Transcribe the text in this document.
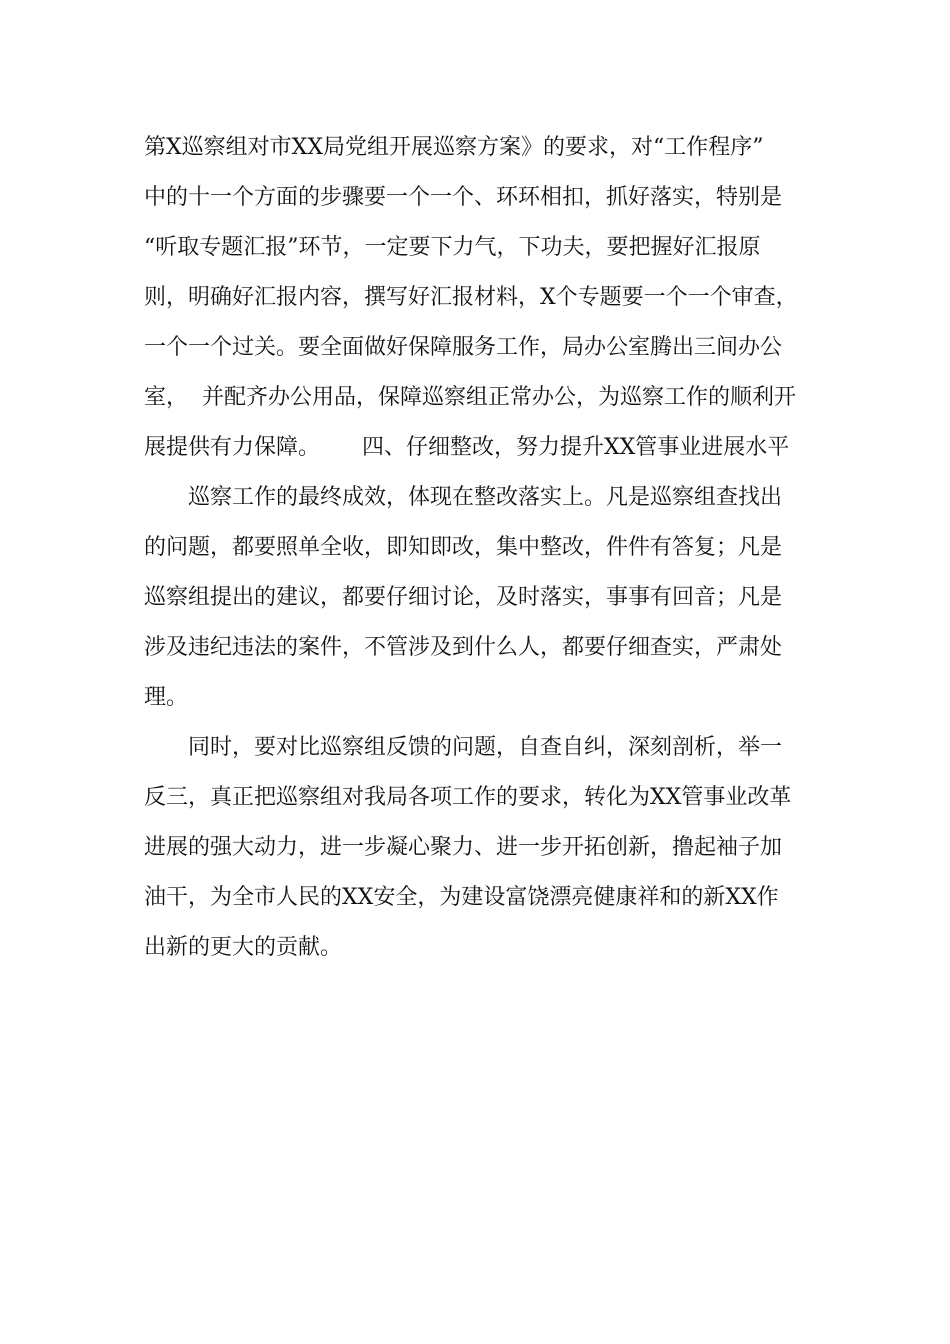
第X巡察组对市XX局党组开展巡察方案》的要求，对“工作程序”
中的十一个方面的步骤要一个一个、环环相扣，抓好落实，特别是
“听取专题汇报”环节，一定要下力气，下功夫，要把握好汇报原
则，明确好汇报内容，撰写好汇报材料，X个专题要一个一个审查，
一个一个过关。要全面做好保障服务工作，局办公室腾出三间办公
室，  并配齐办公用品，保障巡察组正常办公，为巡察工作的顺利开
展提供有力保障。      四、仔细整改，努力提升XX管事业进展水平
巡察工作的最终成效，体现在整改落实上。凡是巡察组查找出
的问题，都要照单全收，即知即改，集中整改，件件有答复；凡是
巡察组提出的建议，都要仔细讨论，及时落实，事事有回音；凡是
涉及违纪违法的案件，不管涉及到什么人，都要仔细查实，严肃处
理。
同时，要对比巡察组反馈的问题，自查自纠，深刻剖析，举一
反三，真正把巡察组对我局各项工作的要求，转化为XX管事业改革
进展的强大动力，进一步凝心聚力、进一步开拓创新，撸起袖子加
油干，为全市人民的XX安全，为建设富饶漂亮健康祥和的新XX作
出新的更大的贡献。
